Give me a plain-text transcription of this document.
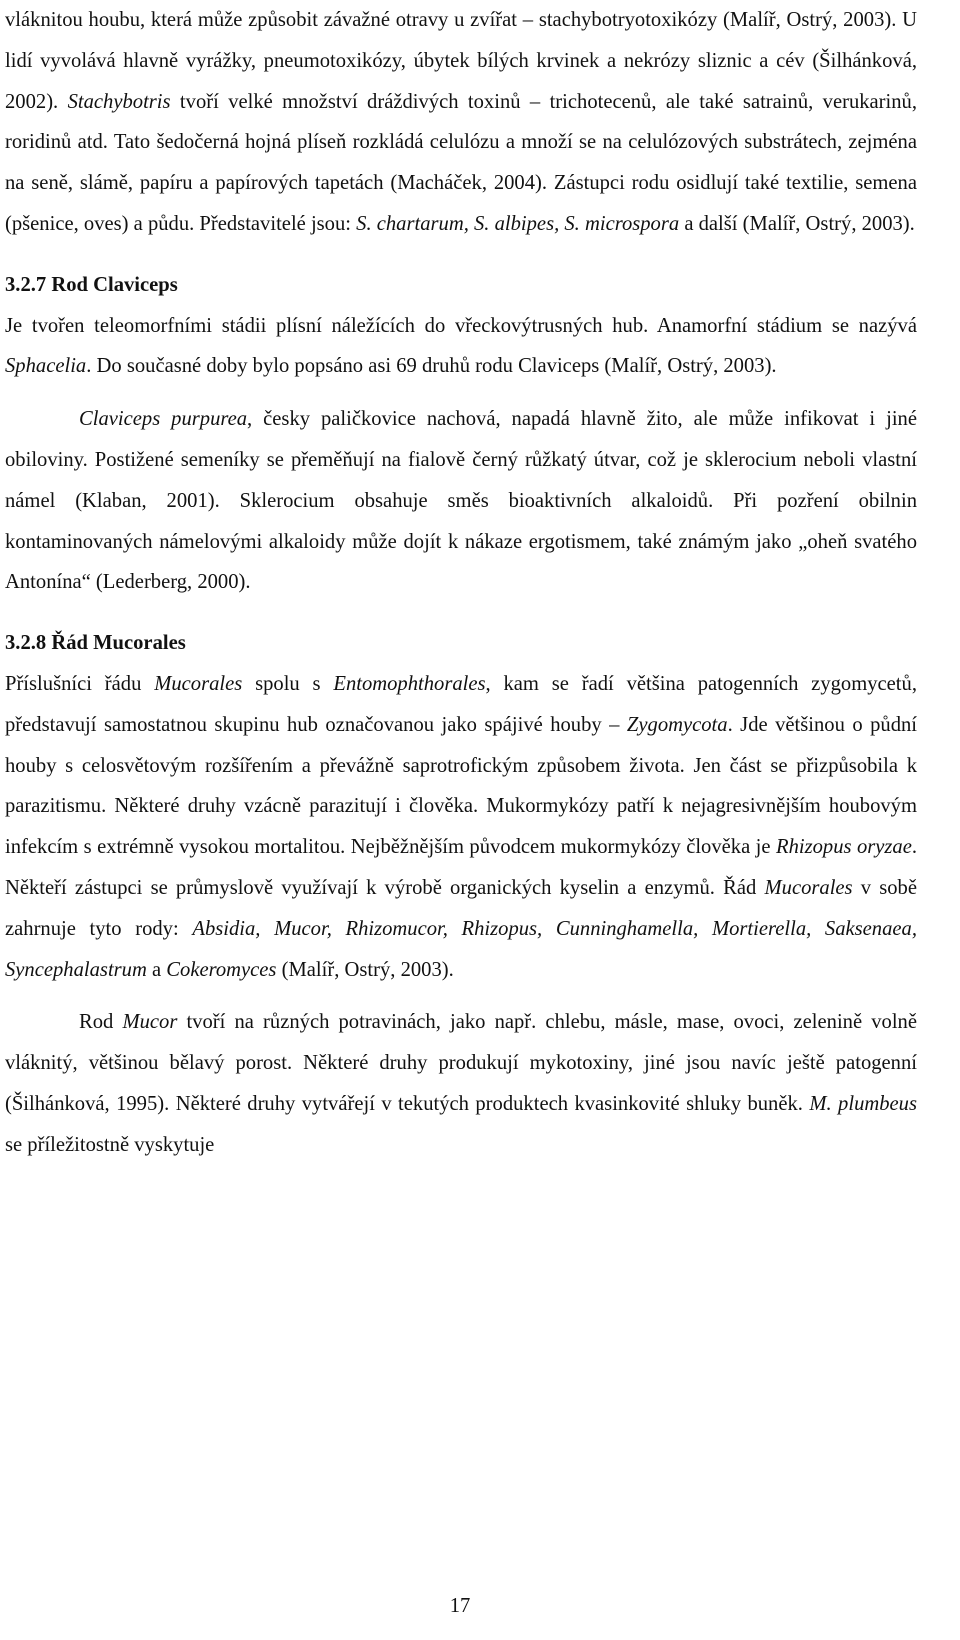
vláknitou houbu, která může způsobit závažné otravy u zvířat – stachybotryotoxikózy (Malíř, Ostrý, 2003). U lidí vyvolává hlavně vyrážky, pneumotoxikózy, úbytek bílých krvinek a nekrózy sliznic a cév (Šilhánková, 2002). Stachybotris tvoří velké množství dráždivých toxinů – trichotecenů, ale také satrainů, verukarinů, roridinů atd. Tato šedočerná hojná plíseň rozkládá celulózu a množí se na celulózových substrátech, zejména na seně, slámě, papíru a papírových tapetách (Macháček, 2004). Zástupci rodu osidlují také textilie, semena (pšenice, oves) a půdu. Představitelé jsou: S. chartarum, S. albipes, S. microspora a další (Malíř, Ostrý, 2003).

3.2.7 Rod Claviceps

Je tvořen teleomorfními stádii plísní náležících do vřeckovýtrusných hub. Anamorfní stádium se nazývá Sphacelia. Do současné doby bylo popsáno asi 69 druhů rodu Claviceps (Malíř, Ostrý, 2003).

Claviceps purpurea, česky paličkovice nachová, napadá hlavně žito, ale může infikovat i jiné obiloviny. Postižené semeníky se přeměňují na fialově černý růžkatý útvar, což je sklerocium neboli vlastní námel (Klaban, 2001). Sklerocium obsahuje směs bioaktivních alkaloidů. Při pozření obilnin kontaminovaných námelovými alkaloidy může dojít k nákaze ergotismem, také známým jako „oheň svatého Antonína“ (Lederberg, 2000).

3.2.8 Řád Mucorales

Příslušníci řádu Mucorales spolu s Entomophthorales, kam se řadí většina patogenních zygomycetů, představují samostatnou skupinu hub označovanou jako spájivé houby – Zygomycota. Jde většinou o půdní houby s celosvětovým rozšířením a převážně saprotrofickým způsobem života. Jen část se přizpůsobila k parazitismu. Některé druhy vzácně parazitují i člověka. Mukormykózy patří k nejagresivnějším houbovým infekcím s extrémně vysokou mortalitou. Nejběžnějším původcem mukormykózy člověka je Rhizopus oryzae. Někteří zástupci se průmyslově využívají k výrobě organických kyselin a enzymů. Řád Mucorales v sobě zahrnuje tyto rody: Absidia, Mucor, Rhizomucor, Rhizopus, Cunninghamella, Mortierella, Saksenaea, Syncephalastrum a Cokeromyces (Malíř, Ostrý, 2003).

Rod Mucor tvoří na různých potravinách, jako např. chlebu, másle, mase, ovoci, zelenině volně vláknitý, většinou bělavý porost. Některé druhy produkují mykotoxiny, jiné jsou navíc ještě patogenní (Šilhánková, 1995). Některé druhy vytvářejí v tekutých produktech kvasinkovité shluky buněk. M. plumbeus se příležitostně vyskytuje

17
